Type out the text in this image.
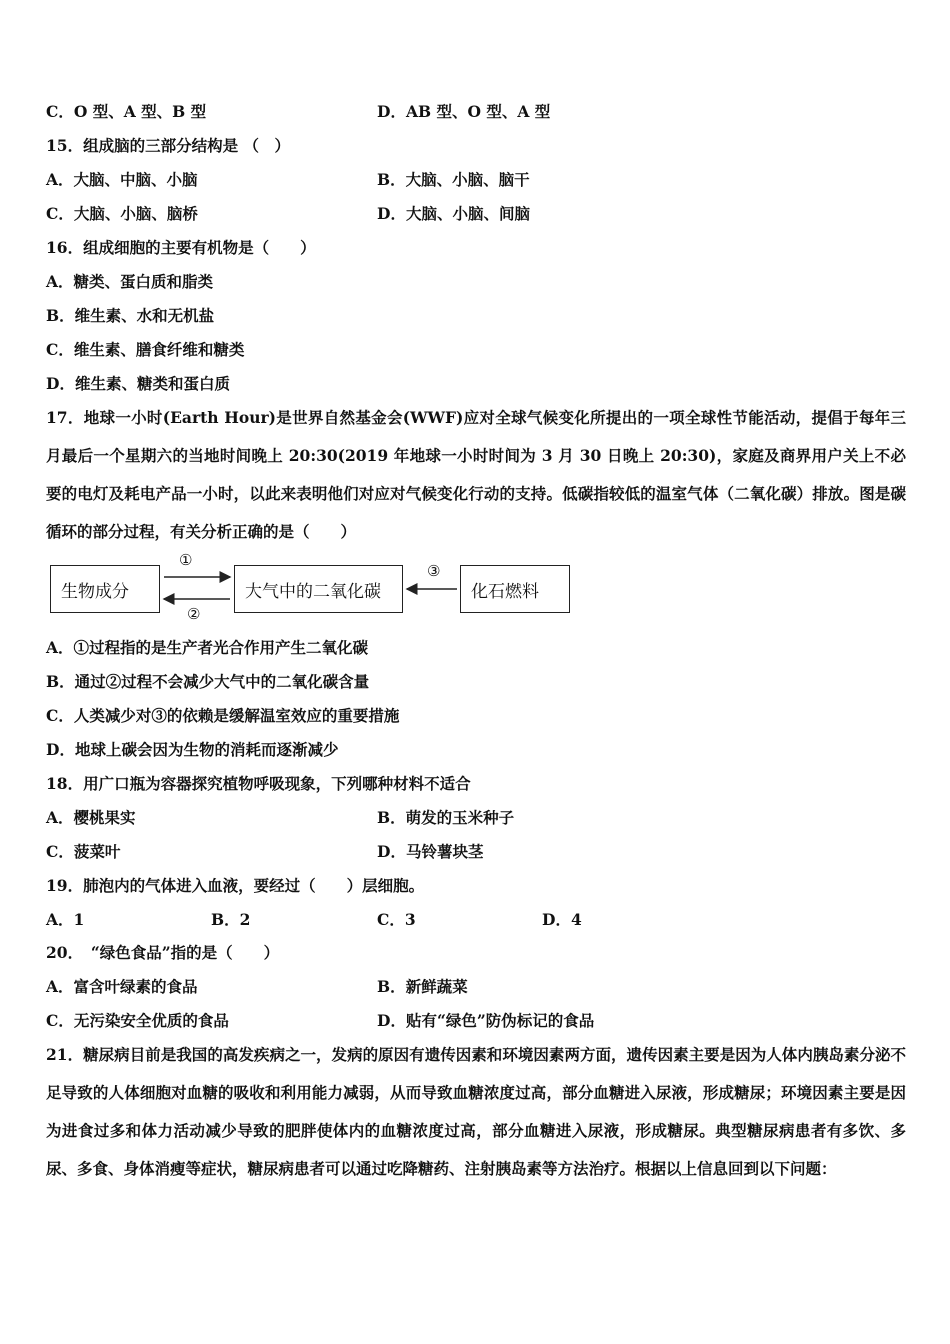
C．O 型、A 型、B 型	D．AB 型、O 型、A 型
15．组成脑的三部分结构是 （　）
A．大脑、中脑、小脑	B．大脑、小脑、脑干
C．大脑、小脑、脑桥	D．大脑、小脑、间脑
16．组成细胞的主要有机物是（　　）
A．糖类、蛋白质和脂类
B．维生素、水和无机盐
C．维生素、膳食纤维和糖类
D．维生素、糖类和蛋白质
17．地球一小时(Earth Hour)是世界自然基金会(WWF)应对全球气候变化所提出的一项全球性节能活动，提倡于每年三月最后一个星期六的当地时间晚上 20:30(2019 年地球一小时时间为 3 月 30 日晚上 20:30)，家庭及商界用户关上不必要的电灯及耗电产品一小时，以此来表明他们对应对气候变化行动的支持。低碳指较低的温室气体（二氧化碳）排放。图是碳循环的部分过程，有关分析正确的是（　　）
生物成分	大气中的二氧化碳	化石燃料
①
②
③
A．①过程指的是生产者光合作用产生二氧化碳
B．通过②过程不会减少大气中的二氧化碳含量
C．人类减少对③的依赖是缓解温室效应的重要措施
D．地球上碳会因为生物的消耗而逐渐减少
18．用广口瓶为容器探究植物呼吸现象，下列哪种材料不适合
A．樱桃果实	B．萌发的玉米种子
C．菠菜叶	D．马铃薯块茎
19．肺泡内的气体进入血液，要经过（　　）层细胞。
A．1	B．2	C．3	D．4
20．　“绿色食品”指的是（　　）
A．富含叶绿素的食品	B．新鲜蔬菜
C．无污染安全优质的食品	D．贴有“绿色”防伪标记的食品
21．糖尿病目前是我国的高发疾病之一，发病的原因有遗传因素和环境因素两方面，遗传因素主要是因为人体内胰岛素分泌不足导致的人体细胞对血糖的吸收和利用能力减弱，从而导致血糖浓度过高，部分血糖进入尿液，形成糖尿；环境因素主要是因为进食过多和体力活动减少导致的肥胖使体内的血糖浓度过高，部分血糖进入尿液，形成糖尿。典型糖尿病患者有多饮、多尿、多食、身体消瘦等症状，糖尿病患者可以通过吃降糖药、注射胰岛素等方法治疗。根据以上信息回到以下问题：
